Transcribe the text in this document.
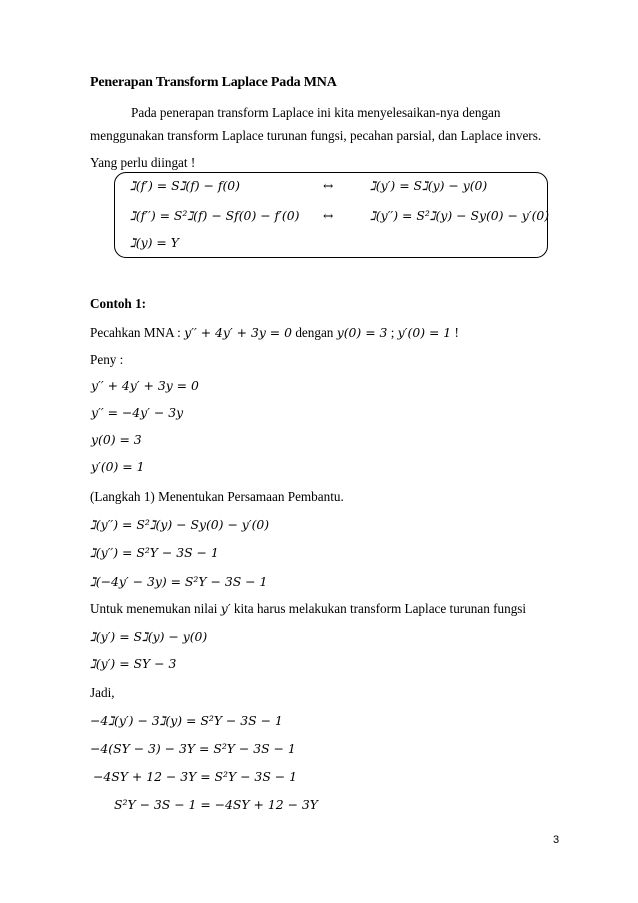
Penerapan Transform Laplace Pada MNA
Pada penerapan transform Laplace ini kita menyelesaikan-nya dengan
menggunakan transform Laplace turunan fungsi, pecahan parsial, dan Laplace invers.
Yang perlu diingat !
ℷ(𝑓′) = 𝑆ℷ(𝑓) − 𝑓(0)	↔	ℷ(𝑦′) = 𝑆ℷ(𝑦) − 𝑦(0)
ℷ(𝑓′′) = 𝑆²ℷ(𝑓) − 𝑆𝑓(0) − 𝑓′(0) ↔	ℷ(𝑦′′) = 𝑆²ℷ(𝑦) − 𝑆𝑦(0) − 𝑦′(0)
ℷ(𝑦) = 𝑌
Contoh 1:
Pecahkan MNA : 𝑦′′ + 4𝑦′ + 3𝑦 = 0 dengan 𝑦(0) = 3 ; 𝑦′(0) = 1 !
Peny :
𝑦′′ + 4𝑦′ + 3𝑦 = 0
𝑦′′ = −4𝑦′ − 3𝑦
𝑦(0) = 3
𝑦′(0) = 1
(Langkah 1) Menentukan Persamaan Pembantu.
ℷ(𝑦′′) = 𝑆²ℷ(𝑦) − 𝑆𝑦(0) − 𝑦′(0)
ℷ(𝑦′′) = 𝑆²𝑌 − 3𝑆 − 1
ℷ(−4𝑦′ − 3𝑦) = 𝑆²𝑌 − 3𝑆 − 1
Untuk menemukan nilai 𝑦′ kita harus melakukan transform Laplace turunan fungsi
ℷ(𝑦′) = 𝑆ℷ(𝑦) − 𝑦(0)
ℷ(𝑦′) = 𝑆𝑌 − 3
Jadi,
−4ℷ(𝑦′) − 3ℷ(𝑦) = 𝑆²𝑌 − 3𝑆 − 1
−4(𝑆𝑌 − 3) − 3𝑌 = 𝑆²𝑌 − 3𝑆 − 1
−4𝑆𝑌 + 12 − 3𝑌 = 𝑆²𝑌 − 3𝑆 − 1
𝑆²𝑌 − 3𝑆 − 1 = −4𝑆𝑌 + 12 − 3𝑌
3
